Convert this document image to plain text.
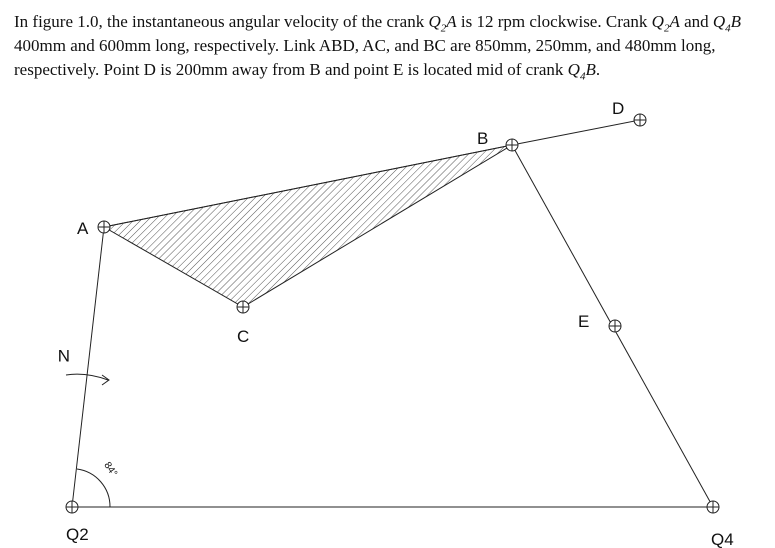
In figure 1.0, the instantaneous angular velocity of the crank $Q_2A$ is 12 rpm clockwise. Crank $Q_2A$ and $Q_4B$
400mm and 600mm long, respectively. Link ABD, AC, and BC are 850mm, 250mm, and 480mm long,
respectively. Point D is 200mm away from B and point E is located mid of crank $Q_4B$.
84°
A
B
C
D
E
Q2	Q4
N
